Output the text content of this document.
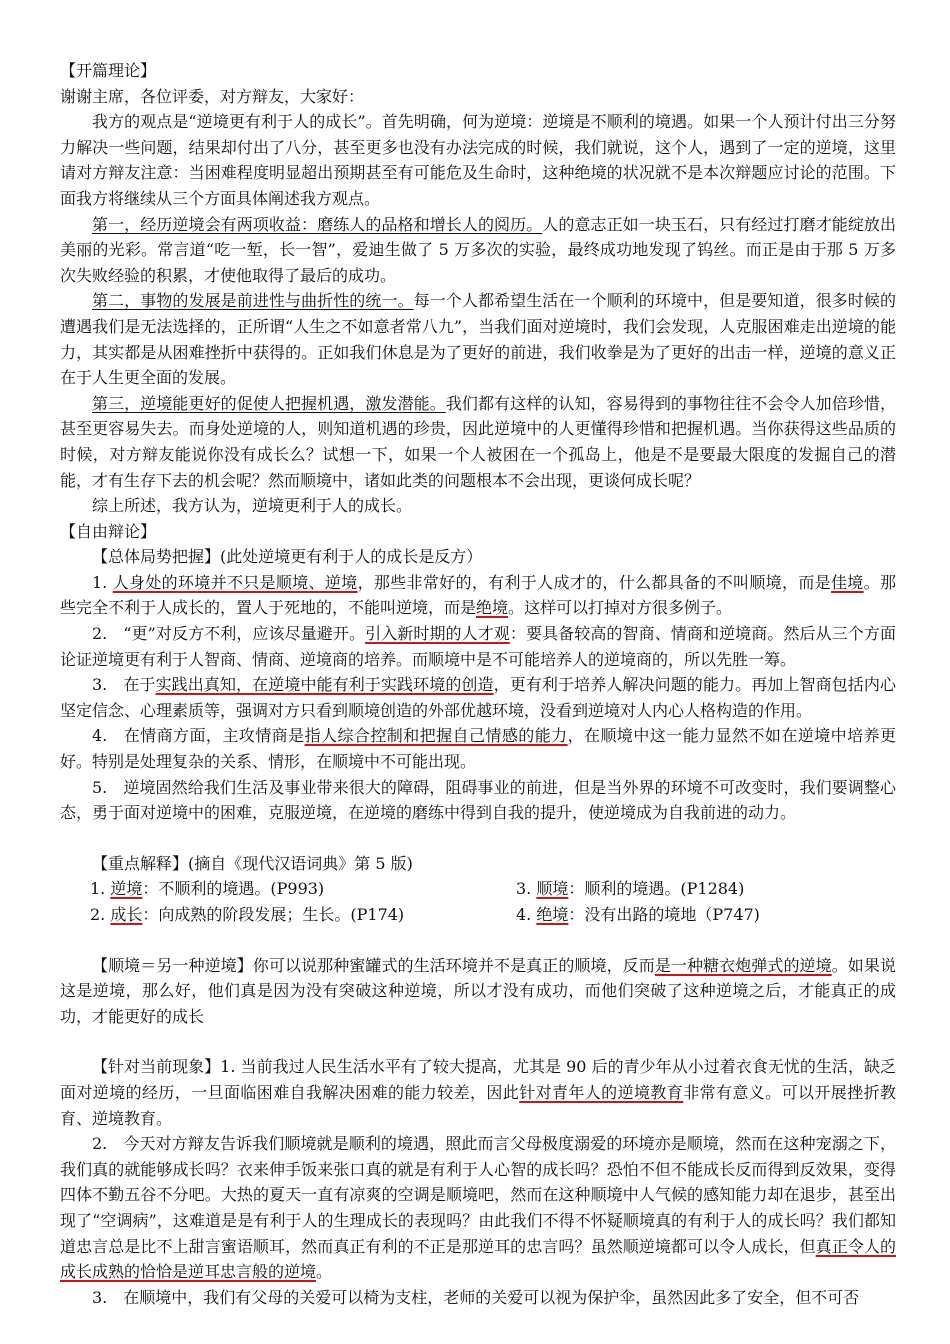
【开篇理论】

谢谢主席，各位评委，对方辩友，大家好：

我方的观点是“逆境更有利于人的成长”。首先明确，何为逆境：逆境是不顺利的境遇。如果一个人预计付出三分努力解决一些问题，结果却付出了八分，甚至更多也没有办法完成的时候，我们就说，这个人，遇到了一定的逆境，这里请对方辩友注意：当困难程度明显超出预期甚至有可能危及生命时，这种绝境的状况就不是本次辩题应讨论的范围。下面我方将继续从三个方面具体阐述我方观点。

第一，经历逆境会有两项收益：磨练人的品格和增长人的阅历。人的意志正如一块玉石，只有经过打磨才能绽放出美丽的光彩。常言道“吃一堑，长一智”，爱迪生做了 5 万多次的实验，最终成功地发现了钨丝。而正是由于那 5 万多次失败经验的积累，才使他取得了最后的成功。

第二，事物的发展是前进性与曲折性的统一。每一个人都希望生活在一个顺利的环境中，但是要知道，很多时候的遭遇我们是无法选择的，正所谓“人生之不如意者常八九”，当我们面对逆境时，我们会发现，人克服困难走出逆境的能力，其实都是从困难挫折中获得的。正如我们休息是为了更好的前进，我们收拳是为了更好的出击一样，逆境的意义正在于人生更全面的发展。

第三，逆境能更好的促使人把握机遇，激发潜能。我们都有这样的认知，容易得到的事物往往不会令人加倍珍惜，甚至更容易失去。而身处逆境的人，则知道机遇的珍贵，因此逆境中的人更懂得珍惜和把握机遇。当你获得这些品质的时候，对方辩友能说你没有成长么？试想一下，如果一个人被困在一个孤岛上，他是不是要最大限度的发掘自己的潜能，才有生存下去的机会呢？然而顺境中，诸如此类的问题根本不会出现，更谈何成长呢？

综上所述，我方认为，逆境更利于人的成长。

【自由辩论】

【总体局势把握】(此处逆境更有利于人的成长是反方）

1. 人身处的环境并不只是顺境、逆境，那些非常好的，有利于人成才的，什么都具备的不叫顺境，而是佳境。那些完全不利于人成长的，置人于死地的，不能叫逆境，而是绝境。这样可以打掉对方很多例子。

2.  “更”对反方不利，应该尽量避开。引入新时期的人才观：要具备较高的智商、情商和逆境商。然后从三个方面论证逆境更有利于人智商、情商、逆境商的培养。而顺境中是不可能培养人的逆境商的，所以先胜一筹。

3.  在于实践出真知，在逆境中能有利于实践环境的创造，更有利于培养人解决问题的能力。再加上智商包括内心坚定信念、心理素质等，强调对方只看到顺境创造的外部优越环境，没看到逆境对人内心人格构造的作用。

4.  在情商方面，主攻情商是指人综合控制和把握自己情感的能力，在顺境中这一能力显然不如在逆境中培养更好。特别是处理复杂的关系、情形，在顺境中不可能出现。

5.  逆境固然给我们生活及事业带来很大的障碍，阻碍事业的前进，但是当外界的环境不可改变时，我们要调整心态，勇于面对逆境中的困难，克服逆境，在逆境的磨练中得到自我的提升，使逆境成为自我前进的动力。

【重点解释】(摘自《现代汉语词典》第 5 版)

1. 逆境：不顺利的境遇。(P993)	3. 顺境：顺利的境遇。(P1284)

2. 成长：向成熟的阶段发展；生长。(P174)	4. 绝境：没有出路的境地（P747)

【顺境＝另一种逆境】你可以说那种蜜罐式的生活环境并不是真正的顺境，反而是一种糖衣炮弹式的逆境。如果说这是逆境，那么好，他们真是因为没有突破这种逆境，所以才没有成功，而他们突破了这种逆境之后，才能真正的成功，才能更好的成长

【针对当前现象】1. 当前我过人民生活水平有了较大提高，尤其是 90 后的青少年从小过着衣食无忧的生活，缺乏面对逆境的经历，一旦面临困难自我解决困难的能力较差，因此针对青年人的逆境教育非常有意义。可以开展挫折教育、逆境教育。

2.  今天对方辩友告诉我们顺境就是顺利的境遇，照此而言父母极度溺爱的环境亦是顺境，然而在这种宠溺之下，我们真的就能够成长吗？衣来伸手饭来张口真的就是有利于人心智的成长吗？恐怕不但不能成长反而得到反效果，变得四体不勤五谷不分吧。大热的夏天一直有凉爽的空调是顺境吧，然而在这种顺境中人气候的感知能力却在退步，甚至出现了“空调病”，这难道是是有利于人的生理成长的表现吗？由此我们不得不怀疑顺境真的有利于人的成长吗？我们都知道忠言总是比不上甜言蜜语顺耳，然而真正有利的不正是那逆耳的忠言吗？虽然顺逆境都可以令人成长，但真正令人的成长成熟的恰恰是逆耳忠言般的逆境。

3.  在顺境中，我们有父母的关爱可以椅为支柱，老师的关爱可以视为保护伞，虽然因此多了安全，但不可否
